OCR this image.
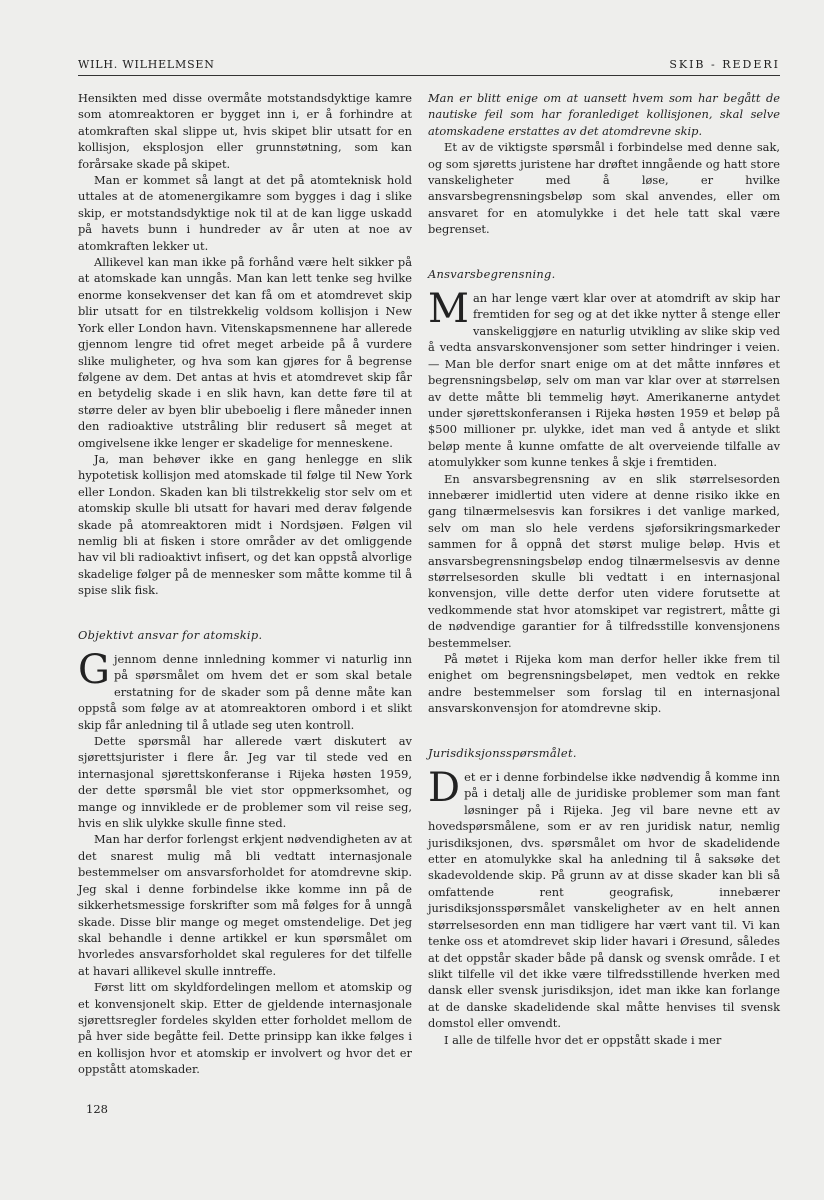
WILH. WILHELMSEN	SKIB - REDERI

Hensikten med disse overmåte motstandsdyktige kamre som atomreaktoren er bygget inn i, er å forhindre at atomkraften skal slippe ut, hvis skipet blir utsatt for en kollisjon, eksplosjon eller grunnstøtning, som kan forårsake skade på skipet.

Man er kommet så langt at det på atomteknisk hold uttales at de atomenergikamre som bygges i dag i slike skip, er motstandsdyktige nok til at de kan ligge uskadd på havets bunn i hundreder av år uten at noe av atomkraften lekker ut.

Allikevel kan man ikke på forhånd være helt sikker på at atomskade kan unngås. Man kan lett tenke seg hvilke enorme konsekvenser det kan få om et atomdrevet skip blir utsatt for en tilstrekkelig voldsom kollisjon i New York eller London havn. Vitenskapsmennene har allerede gjennom lengre tid ofret meget arbeide på å vurdere slike muligheter, og hva som kan gjøres for å begrense følgene av dem. Det antas at hvis et atomdrevet skip får en betydelig skade i en slik havn, kan dette føre til at større deler av byen blir ubeboelig i flere måneder innen den radioaktive utstråling blir redusert så meget at omgivelsene ikke lenger er skadelige for menneskene.

Ja, man behøver ikke en gang henlegge en slik hypotetisk kollisjon med atomskade til følge til New York eller London. Skaden kan bli tilstrekkelig stor selv om et atomskip skulle bli utsatt for havari med derav følgende skade på atomreaktoren midt i Nordsjøen. Følgen vil nemlig bli at fisken i store områder av det omliggende hav vil bli radioaktivt infisert, og det kan oppstå alvorlige skadelige følger på de mennesker som måtte komme til å spise slik fisk.

Objektivt ansvar for atomskip.

Gjennom denne innledning kommer vi naturlig inn på spørsmålet om hvem det er som skal betale erstatning for de skader som på denne måte kan oppstå som følge av at atomreaktoren ombord i et slikt skip får anledning til å utlade seg uten kontroll.

Dette spørsmål har allerede vært diskutert av sjørettsjurister i flere år. Jeg var til stede ved en internasjonal sjørettskonferanse i Rijeka høsten 1959, der dette spørsmål ble viet stor oppmerksomhet, og mange og innviklede er de problemer som vil reise seg, hvis en slik ulykke skulle finne sted.

Man har derfor forlengst erkjent nødvendigheten av at det snarest mulig må bli vedtatt internasjonale bestemmelser om ansvarsforholdet for atomdrevne skip. Jeg skal i denne forbindelse ikke komme inn på de sikkerhetsmessige forskrifter som må følges for å unngå skade. Disse blir mange og meget omstendelige. Det jeg skal behandle i denne artikkel er kun spørsmålet om hvorledes ansvarsforholdet skal reguleres for det tilfelle at havari allikevel skulle inntreffe.

Først litt om skyldfordelingen mellom et atomskip og et konvensjonelt skip. Etter de gjeldende internasjonale sjørettsregler fordeles skylden etter forholdet mellom de på hver side begåtte feil. Dette prinsipp kan ikke følges i en kollisjon hvor et atomskip er involvert og hvor det er oppstått atomskader.

Man er blitt enige om at uansett hvem som har begått de nautiske feil som har foranlediget kollisjonen, skal selve atomskadene erstattes av det atomdrevne skip.

Et av de viktigste spørsmål i forbindelse med denne sak, og som sjøretts juristene har drøftet inngående og hatt store vanskeligheter med å løse, er hvilke ansvarsbegrensningsbeløp som skal anvendes, eller om ansvaret for en atomulykke i det hele tatt skal være begrenset.

Ansvarsbegrensning.

Man har lenge vært klar over at atomdrift av skip har fremtiden for seg og at det ikke nytter å stenge eller vanskeliggjøre en naturlig utvikling av slike skip ved å vedta ansvarskonvensjoner som setter hindringer i veien. — Man ble derfor snart enige om at det måtte innføres et begrensningsbeløp, selv om man var klar over at størrelsen av dette måtte bli temmelig høyt. Amerikanerne antydet under sjørettskonferansen i Rijeka høsten 1959 et beløp på $500 millioner pr. ulykke, idet man ved å antyde et slikt beløp mente å kunne omfatte de alt overveiende tilfalle av atomulykker som kunne tenkes å skje i fremtiden.

En ansvarsbegrensning av en slik størrelsesorden innebærer imidlertid uten videre at denne risiko ikke en gang tilnærmelsesvis kan forsikres i det vanlige marked, selv om man slo hele verdens sjøforsikringsmarkeder sammen for å oppnå det størst mulige beløp. Hvis et ansvarsbegrensningsbeløp endog tilnærmelsesvis av denne størrelsesorden skulle bli vedtatt i en internasjonal konvensjon, ville dette derfor uten videre forutsette at vedkommende stat hvor atomskipet var registrert, måtte gi de nødvendige garantier for å tilfredsstille konvensjonens bestemmelser.

På møtet i Rijeka kom man derfor heller ikke frem til enighet om begrensningsbeløpet, men vedtok en rekke andre bestemmelser som forslag til en internasjonal ansvarskonvensjon for atomdrevne skip.

Jurisdiksjonsspørsmålet.

Det er i denne forbindelse ikke nødvendig å komme inn på i detalj alle de juridiske problemer som man fant løsninger på i Rijeka. Jeg vil bare nevne ett av hovedspørsmålene, som er av ren juridisk natur, nemlig jurisdiksjonen, dvs. spørsmålet om hvor de skadelidende etter en atomulykke skal ha anledning til å saksøke det skadevoldende skip. På grunn av at disse skader kan bli så omfattende rent geografisk, innebærer jurisdiksjonsspørsmålet vanskeligheter av en helt annen størrelsesorden enn man tidligere har vært vant til. Vi kan tenke oss et atomdrevet skip lider havari i Øresund, således at det oppstår skader både på dansk og svensk område. I et slikt tilfelle vil det ikke være tilfredsstillende hverken med dansk eller svensk jurisdiksjon, idet man ikke kan forlange at de danske skadelidende skal måtte henvises til svensk domstol eller omvendt.

I alle de tilfelle hvor det er oppstått skade i mer

128
